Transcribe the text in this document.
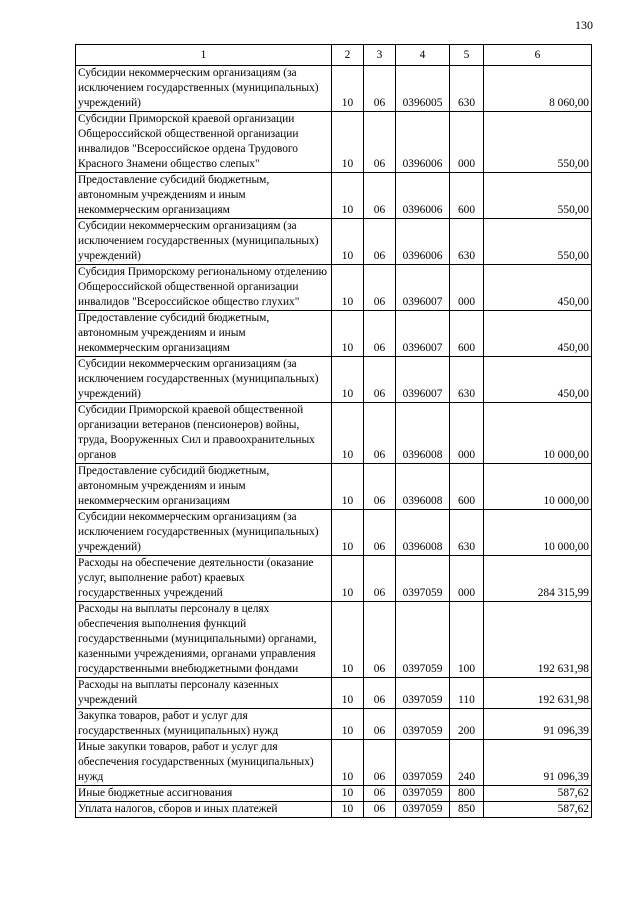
130
1	2	3	4	5	6
Субсидии некоммерческим организациям (за исключением государственных (муниципальных) учреждений)	10	06	0396005	630	8 060,00
Субсидии Приморской краевой организации Общероссийской общественной организации инвалидов "Всероссийское ордена Трудового Красного Знамени общество слепых"	10	06	0396006	000	550,00
Предоставление субсидий бюджетным, автономным учреждениям и иным некоммерческим организациям	10	06	0396006	600	550,00
Субсидии некоммерческим организациям (за исключением государственных (муниципальных) учреждений)	10	06	0396006	630	550,00
Субсидия Приморскому региональному отделению Общероссийской общественной организации инвалидов "Всероссийское общество глухих"	10	06	0396007	000	450,00
Предоставление субсидий бюджетным, автономным учреждениям и иным некоммерческим организациям	10	06	0396007	600	450,00
Субсидии некоммерческим организациям (за исключением государственных (муниципальных) учреждений)	10	06	0396007	630	450,00
Субсидии Приморской краевой общественной организации ветеранов (пенсионеров) войны, труда, Вооруженных Сил и правоохранительных органов	10	06	0396008	000	10 000,00
Предоставление субсидий бюджетным, автономным учреждениям и иным некоммерческим организациям	10	06	0396008	600	10 000,00
Субсидии некоммерческим организациям (за исключением государственных (муниципальных) учреждений)	10	06	0396008	630	10 000,00
Расходы на обеспечение деятельности (оказание услуг, выполнение работ) краевых государственных учреждений	10	06	0397059	000	284 315,99
Расходы на выплаты персоналу в целях обеспечения выполнения функций государственными (муниципальными) органами, казенными учреждениями, органами управления государственными внебюджетными фондами	10	06	0397059	100	192 631,98
Расходы на выплаты персоналу казенных учреждений	10	06	0397059	110	192 631,98
Закупка товаров, работ и услуг для государственных (муниципальных) нужд	10	06	0397059	200	91 096,39
Иные закупки товаров, работ и услуг для обеспечения государственных (муниципальных) нужд	10	06	0397059	240	91 096,39
Иные бюджетные ассигнования	10	06	0397059	800	587,62
Уплата налогов, сборов и иных платежей	10	06	0397059	850	587,62
